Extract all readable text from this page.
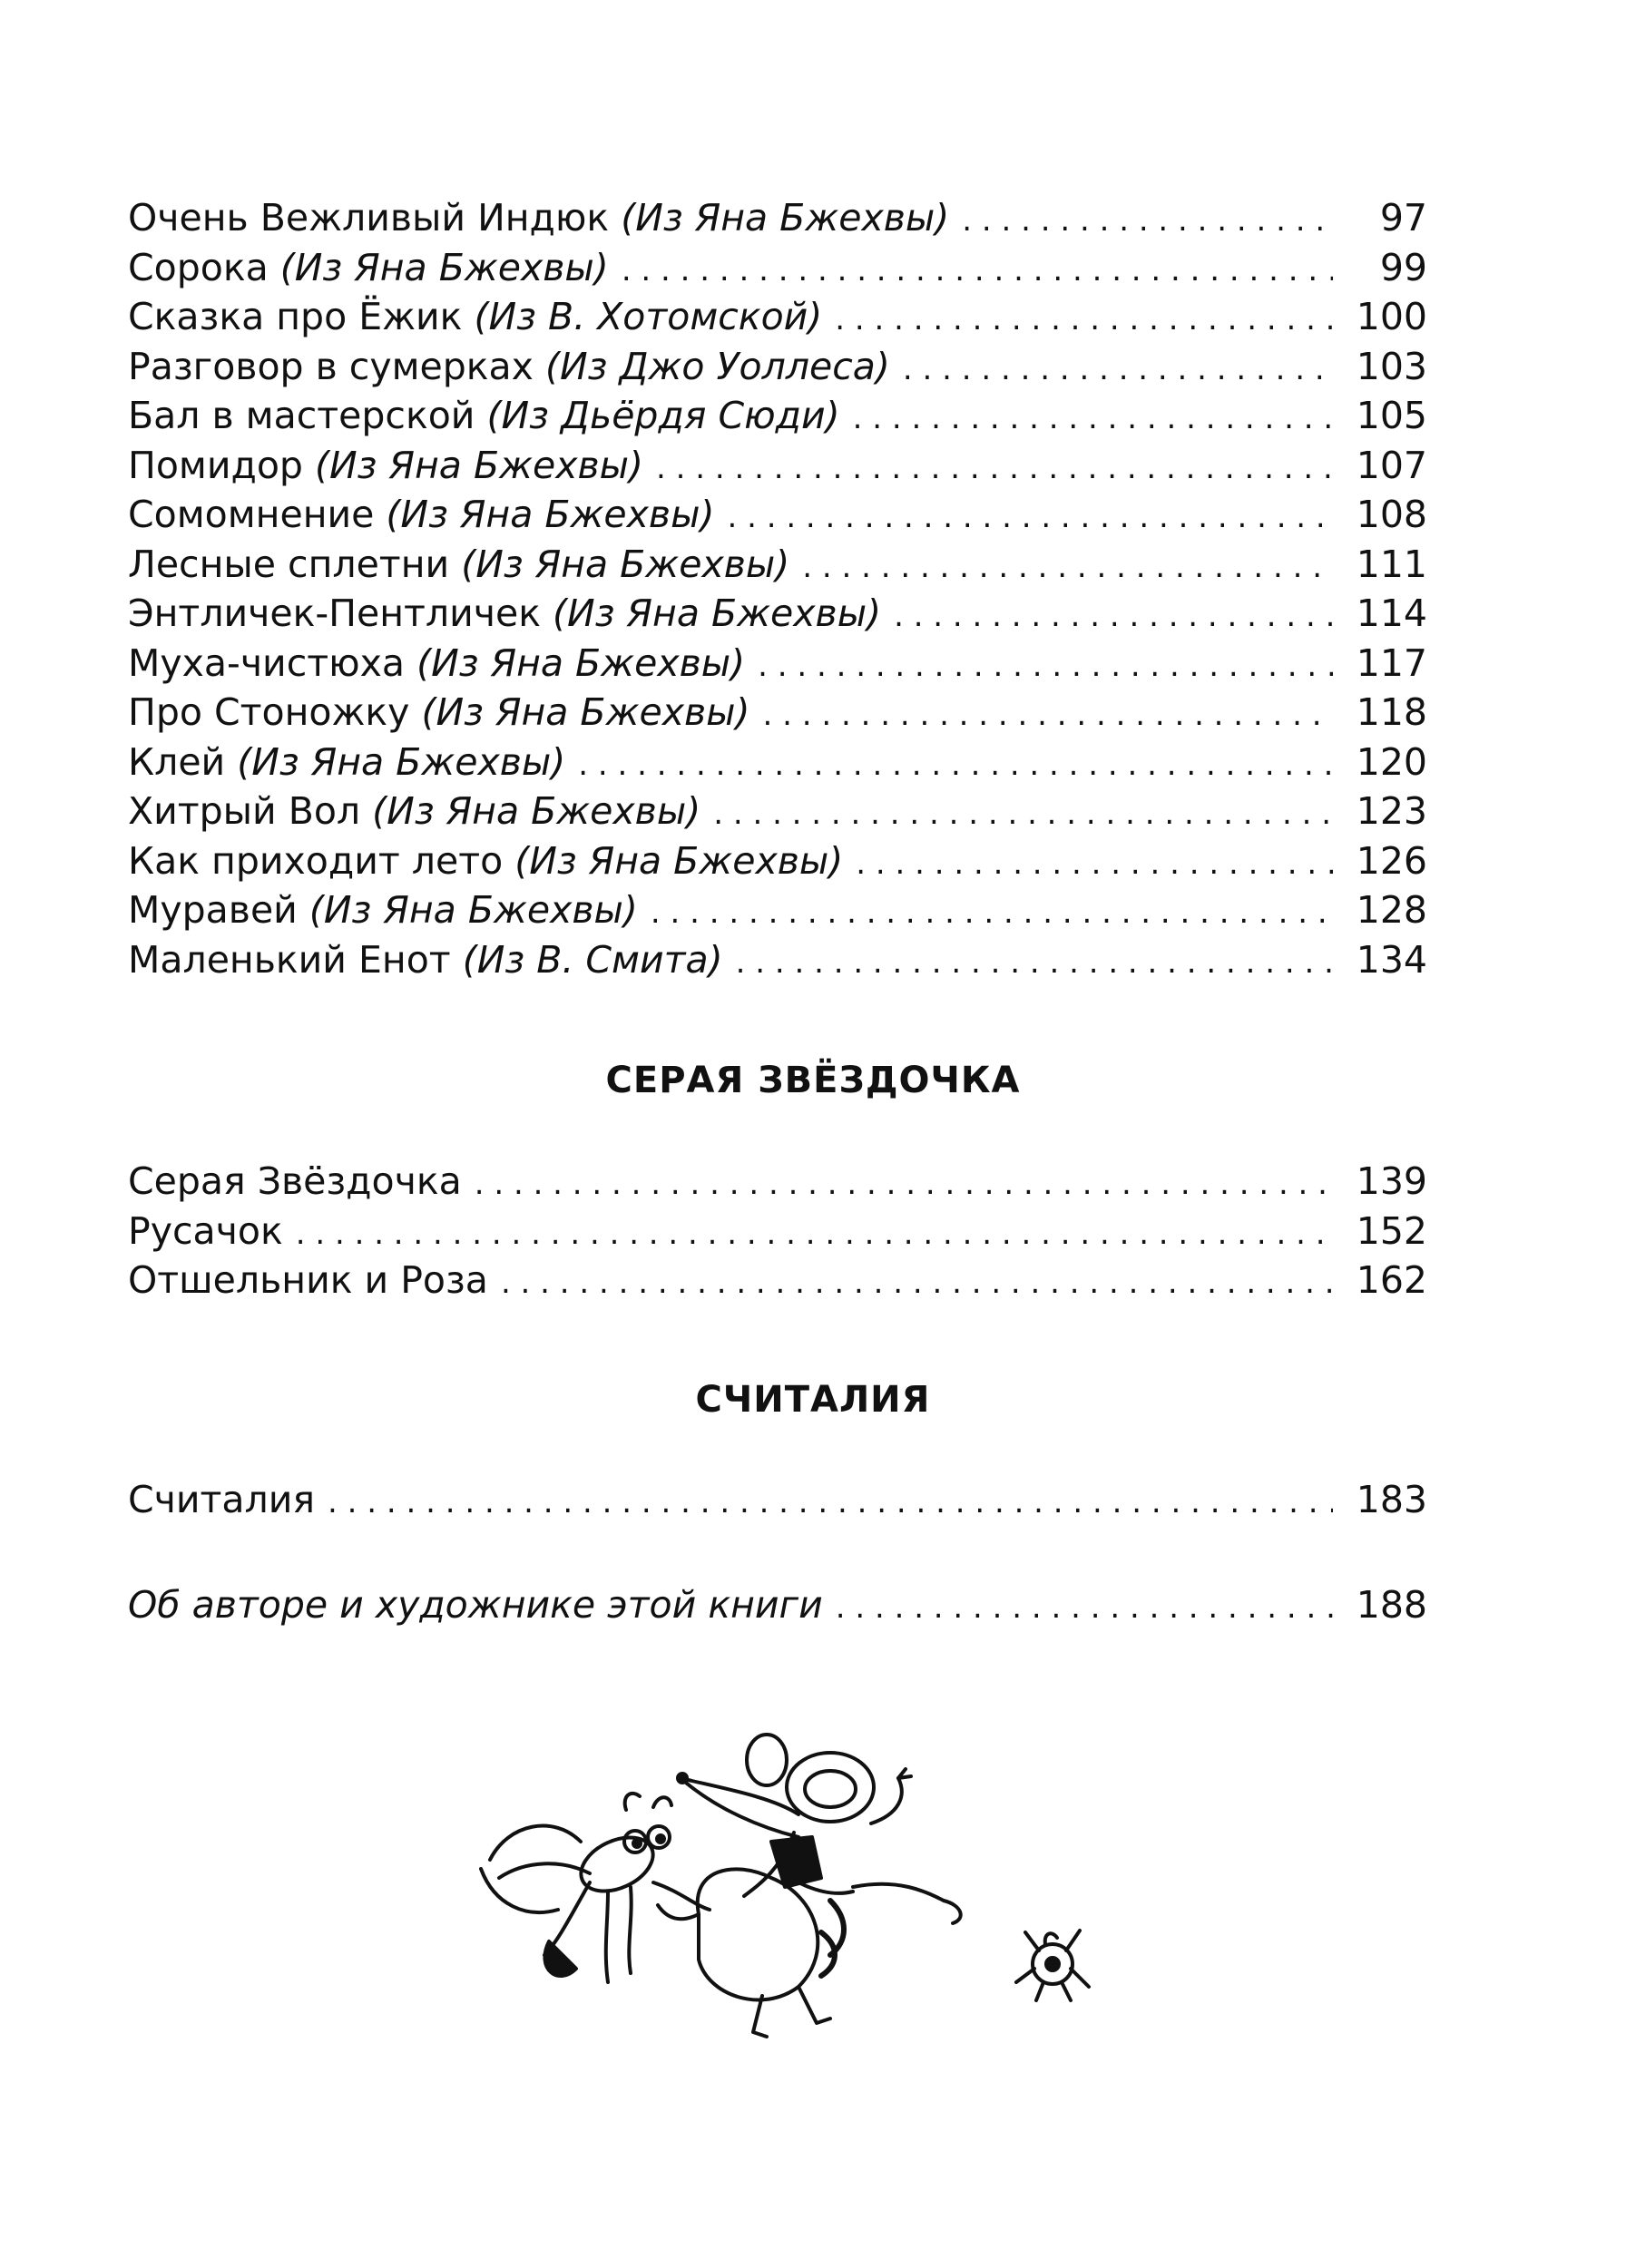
Очень Вежливый Индюк (Из Яна Бжехвы) . . .	97
Сорока (Из Яна Бжехвы) . . .	99
Сказка про Ёжик (Из В. Хотомской) . . .	100
Разговор в сумерках (Из Джо Уоллеса) . . .	103
Бал в мастерской (Из Дьёрдя Сюди) . . .	105
Помидор (Из Яна Бжехвы) . . .	107
Сомомнение (Из Яна Бжехвы) . . .	108
Лесные сплетни (Из Яна Бжехвы) . . .	111
Энтличек-Пентличек (Из Яна Бжехвы) . . .	114
Муха-чистюха (Из Яна Бжехвы) . . .	117
Про Стоножку (Из Яна Бжехвы) . . .	118
Клей (Из Яна Бжехвы) . . .	120
Хитрый Вол (Из Яна Бжехвы) . . .	123
Как приходит лето (Из Яна Бжехвы) . . .	126
Муравей (Из Яна Бжехвы) . . .	128
Маленький Енот (Из В. Смита) . . .	134
СЕРАЯ ЗВЁЗДОЧКА
Серая Звёздочка . . .	139
Русачок . . .	152
Отшельник и Роза . . .	162
СЧИТАЛИЯ
Считалия . . .	183
Об авторе и художнике этой книги . . .	188
